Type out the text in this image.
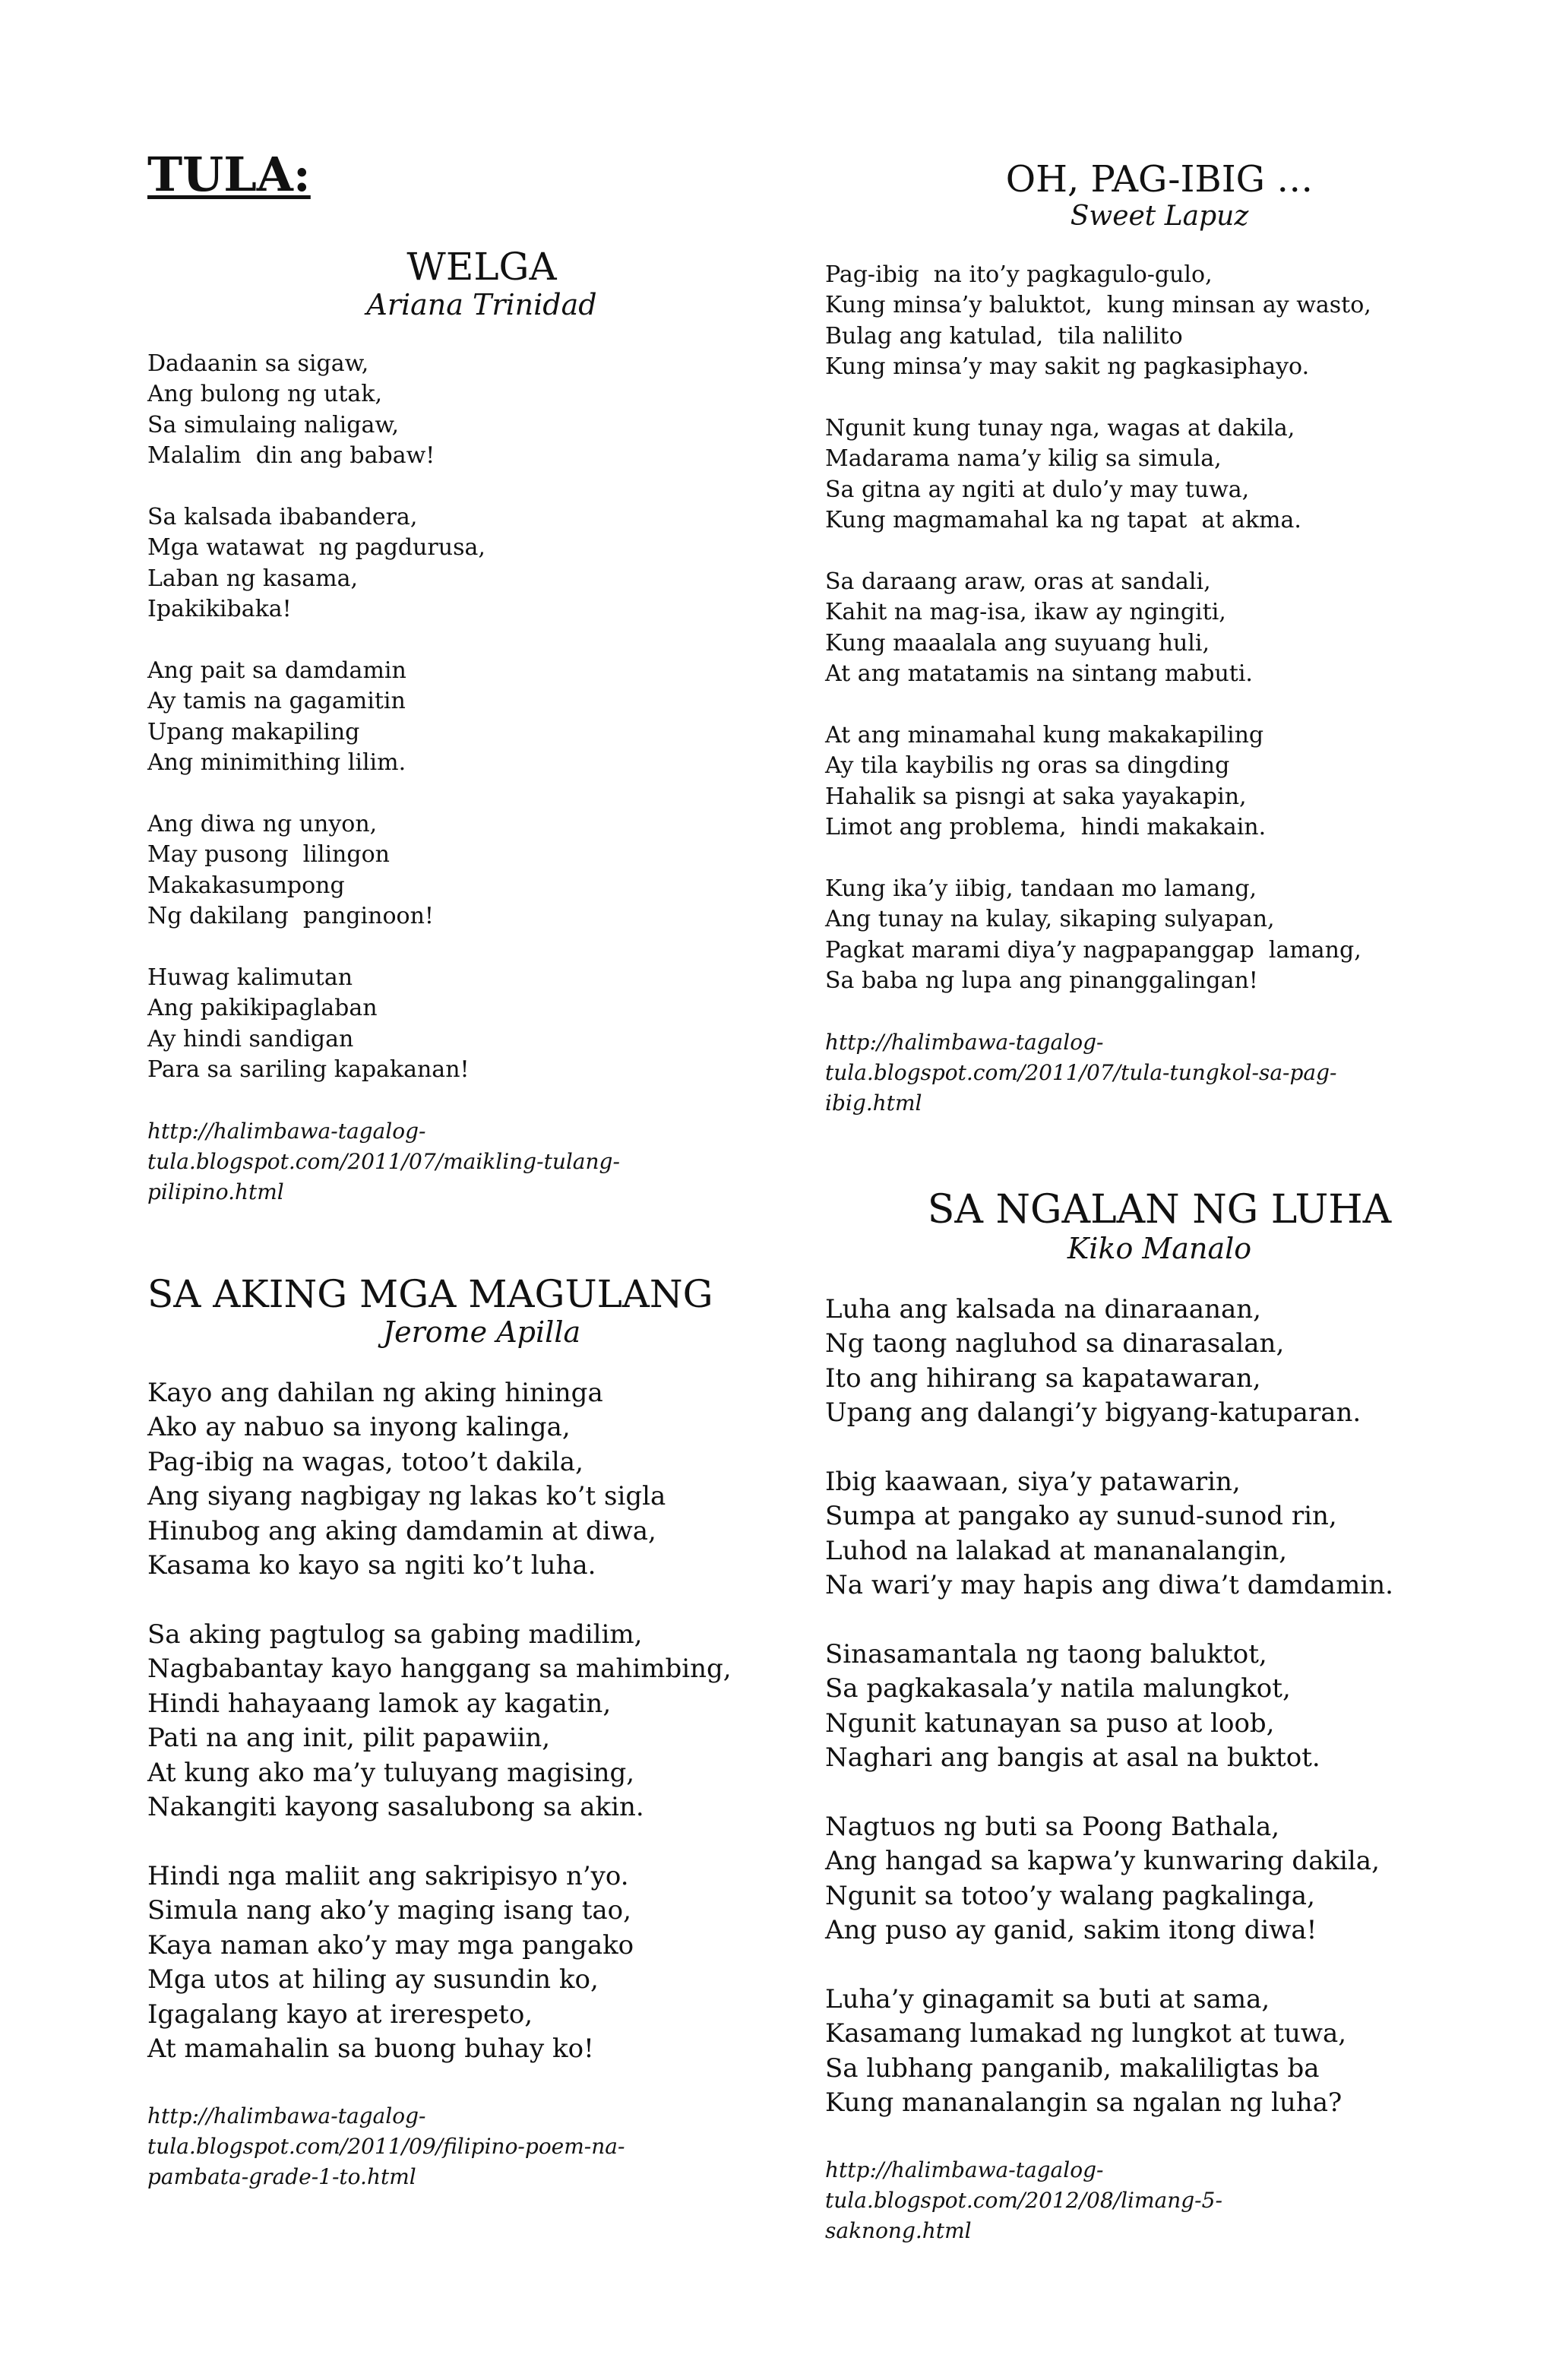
TULA:
WELGA

Ariana Trinidad

Dadaanin sa sigaw,
Ang bulong ng utak,
Sa simulaing naligaw,
Malalim  din ang babaw!

Sa kalsada ibabandera,
Mga watawat  ng pagdurusa,
Laban ng kasama,
Ipakikibaka!

Ang pait sa damdamin
Ay tamis na gagamitin
Upang makapiling
Ang minimithing lilim.

Ang diwa ng unyon,
May pusong  lilingon
Makakasumpong
Ng dakilang  panginoon!

Huwag kalimutan
Ang pakikipaglaban
Ay hindi sandigan
Para sa sariling kapakanan!

http://halimbawa-tagalog-
tula.blogspot.com/2011/07/maikling-tulang-
pilipino.html

SA AKING MGA MAGULANG

Jerome Apilla

Kayo ang dahilan ng aking hininga
Ako ay nabuo sa inyong kalinga,
Pag-ibig na wagas, totoo’t dakila,
Ang siyang nagbigay ng lakas ko’t sigla
Hinubog ang aking damdamin at diwa,
Kasama ko kayo sa ngiti ko’t luha.

Sa aking pagtulog sa gabing madilim,
Nagbabantay kayo hanggang sa mahimbing,
Hindi hahayaang lamok ay kagatin,
Pati na ang init, pilit papawiin,
At kung ako ma’y tuluyang magising,
Nakangiti kayong sasalubong sa akin.

Hindi nga maliit ang sakripisyo n’yo.
Simula nang ako’y maging isang tao,
Kaya naman ako’y may mga pangako
Mga utos at hiling ay susundin ko,
Igagalang kayo at irerespeto,
At mamahalin sa buong buhay ko!

http://halimbawa-tagalog-
tula.blogspot.com/2011/09/filipino-poem-na-
pambata-grade-1-to.html

OH, PAG-IBIG …

Sweet Lapuz

Pag-ibig  na ito’y pagkagulo-gulo,
Kung minsa’y baluktot,  kung minsan ay wasto,
Bulag ang katulad,  tila nalilito
Kung minsa’y may sakit ng pagkasiphayo.

Ngunit kung tunay nga, wagas at dakila,
Madarama nama’y kilig sa simula,
Sa gitna ay ngiti at dulo’y may tuwa,
Kung magmamahal ka ng tapat  at akma.

Sa daraang araw, oras at sandali,
Kahit na mag-isa, ikaw ay ngingiti,
Kung maaalala ang suyuang huli,
At ang matatamis na sintang mabuti.

At ang minamahal kung makakapiling
Ay tila kaybilis ng oras sa dingding
Hahalik sa pisngi at saka yayakapin,
Limot ang problema,  hindi makakain.

Kung ika’y iibig, tandaan mo lamang,
Ang tunay na kulay, sikaping sulyapan,
Pagkat marami diya’y nagpapanggap  lamang,
Sa baba ng lupa ang pinanggalingan!

http://halimbawa-tagalog-
tula.blogspot.com/2011/07/tula-tungkol-sa-pag-
ibig.html

SA NGALAN NG LUHA

Kiko Manalo

Luha ang kalsada na dinaraanan,
Ng taong nagluhod sa dinarasalan,
Ito ang hihirang sa kapatawaran,
Upang ang dalangi’y bigyang-katuparan.

Ibig kaawaan, siya’y patawarin,
Sumpa at pangako ay sunud-sunod rin,
Luhod na lalakad at mananalangin,
Na wari’y may hapis ang diwa’t damdamin.

Sinasamantala ng taong baluktot,
Sa pagkakasala’y natila malungkot,
Ngunit katunayan sa puso at loob,
Naghari ang bangis at asal na buktot.

Nagtuos ng buti sa Poong Bathala,
Ang hangad sa kapwa’y kunwaring dakila,
Ngunit sa totoo’y walang pagkalinga,
Ang puso ay ganid, sakim itong diwa!

Luha’y ginagamit sa buti at sama,
Kasamang lumakad ng lungkot at tuwa,
Sa lubhang panganib, makaliligtas ba
Kung mananalangin sa ngalan ng luha?

http://halimbawa-tagalog-
tula.blogspot.com/2012/08/limang-5-
saknong.html
